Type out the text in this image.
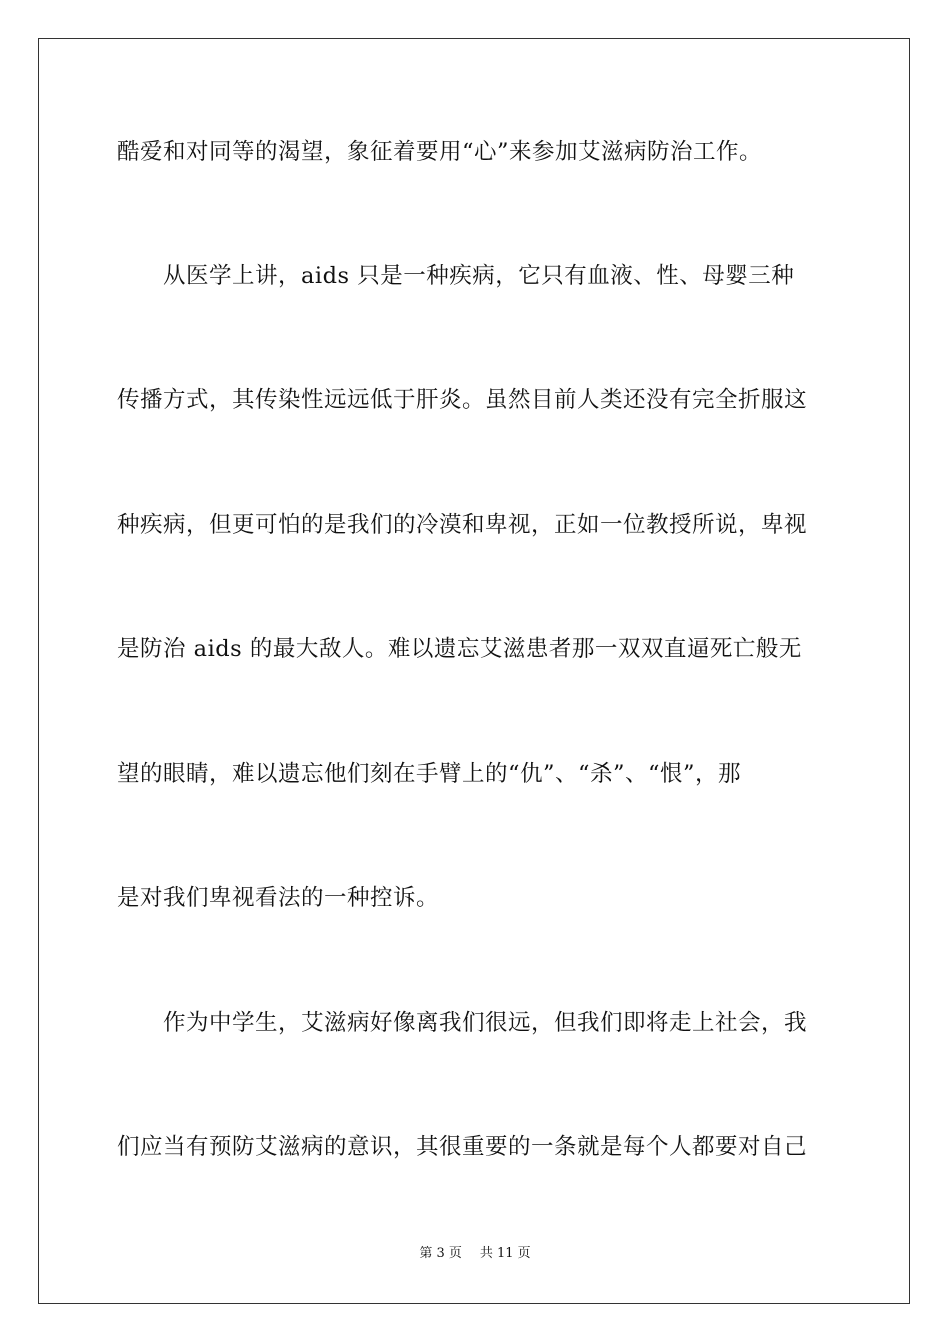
酷爱和对同等的渴望，象征着要用“心”来参加艾滋病防治工作。
从医学上讲，aids 只是一种疾病，它只有血液、性、母婴三种
传播方式，其传染性远远低于肝炎。虽然目前人类还没有完全折服这
种疾病，但更可怕的是我们的冷漠和卑视，正如一位教授所说，卑视
是防治 aids 的最大敌人。难以遗忘艾滋患者那一双双直逼死亡般无
望的眼睛，难以遗忘他们刻在手臂上的“仇”、“杀”、“恨”，那
是对我们卑视看法的一种控诉。
作为中学生，艾滋病好像离我们很远，但我们即将走上社会，我
们应当有预防艾滋病的意识，其很重要的一条就是每个人都要对自己
第 3 页 共 11 页
